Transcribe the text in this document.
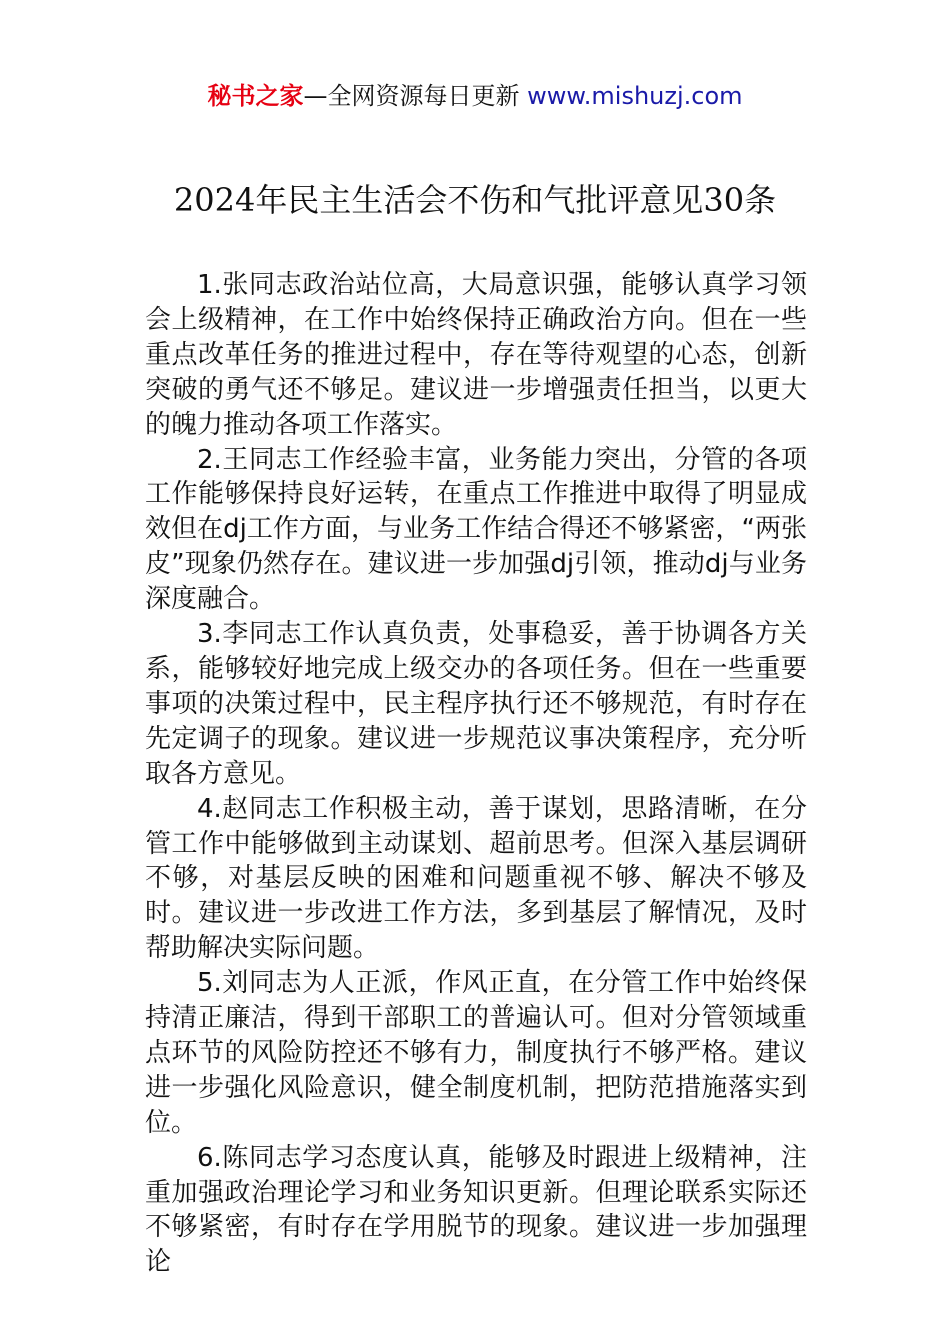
秘书之家—全网资源每日更新 www.mishuzj.com
2024年民主生活会不伤和气批评意见30条

1.张同志政治站位高，大局意识强，能够认真学习领会上级精神，在工作中始终保持正确政治方向。但在一些重点改革任务的推进过程中，存在等待观望的心态，创新突破的勇气还不够足。建议进一步增强责任担当，以更大的魄力推动各项工作落实。

2.王同志工作经验丰富，业务能力突出，分管的各项工作能够保持良好运转，在重点工作推进中取得了明显成效但在dj工作方面，与业务工作结合得还不够紧密，“两张皮”现象仍然存在。建议进一步加强dj引领，推动dj与业务深度融合。

3.李同志工作认真负责，处事稳妥，善于协调各方关系，能够较好地完成上级交办的各项任务。但在一些重要事项的决策过程中，民主程序执行还不够规范，有时存在先定调子的现象。建议进一步规范议事决策程序，充分听取各方意见。

4.赵同志工作积极主动，善于谋划，思路清晰，在分管工作中能够做到主动谋划、超前思考。但深入基层调研不够，对基层反映的困难和问题重视不够、解决不够及时。建议进一步改进工作方法，多到基层了解情况，及时帮助解决实际问题。

5.刘同志为人正派，作风正直，在分管工作中始终保持清正廉洁，得到干部职工的普遍认可。但对分管领域重点环节的风险防控还不够有力，制度执行不够严格。建议进一步强化风险意识，健全制度机制，把防范措施落实到位。

6.陈同志学习态度认真，能够及时跟进上级精神，注重加强政治理论学习和业务知识更新。但理论联系实际还不够紧密，有时存在学用脱节的现象。建议进一步加强理论
